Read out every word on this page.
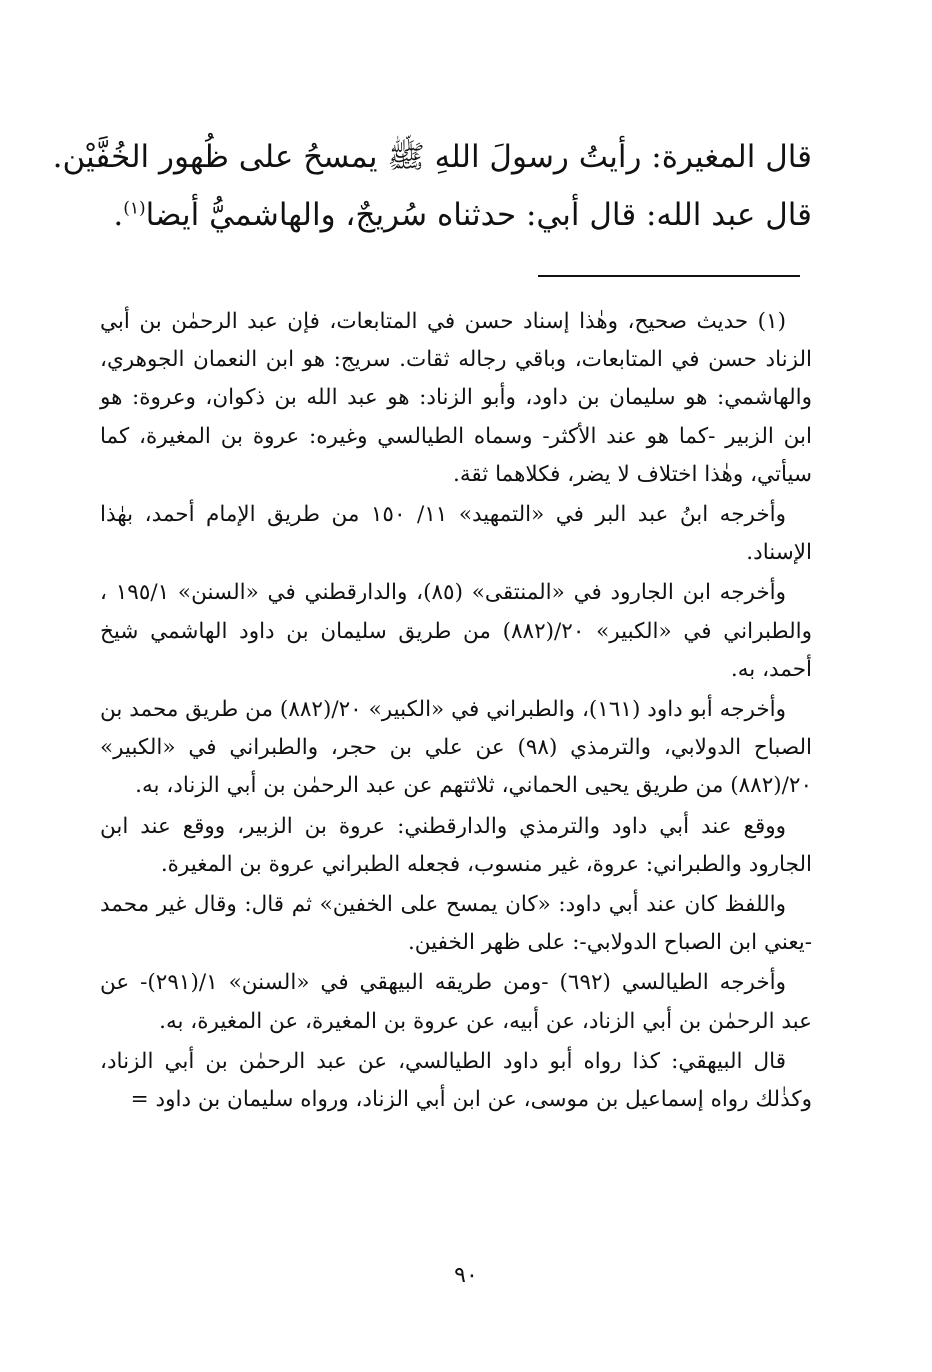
قال المغيرة: رأيتُ رسولَ اللهِ ﷺ يمسحُ على ظُهور الخُفَّيْن.

قال عبد الله: قال أبي: حدثناه سُريجٌ، والهاشميُّ أيضا$^{(١)}$.

(١) حديث صحيح، وهٰذا إسناد حسن في المتابعات، فإن عبد الرحمٰن بن أبي الزناد حسن في المتابعات، وباقي رجاله ثقات. سريج: هو ابن النعمان الجوهري، والهاشمي: هو سليمان بن داود، وأبو الزناد: هو عبد الله بن ذكوان، وعروة: هو ابن الزبير -كما هو عند الأكثر- وسماه الطيالسي وغيره: عروة بن المغيرة، كما سيأتي، وهٰذا اختلاف لا يضر، فكلاهما ثقة.

وأخرجه ابنُ عبد البر في «التمهيد» ١١/ ١٥٠ من طريق الإمام أحمد، بهٰذا الإسناد.

وأخرجه ابن الجارود في «المنتقى» (٨٥)، والدارقطني في «السنن» ١٩٥/١ ، والطبراني في «الكبير» ٢٠/(٨٨٢) من طريق سليمان بن داود الهاشمي شيخ أحمد، به.

وأخرجه أبو داود (١٦١)، والطبراني في «الكبير» ٢٠/(٨٨٢) من طريق محمد بن الصباح الدولابي، والترمذي (٩٨) عن علي بن حجر، والطبراني في «الكبير» ٢٠/(٨٨٢) من طريق يحيى الحماني، ثلاثتهم عن عبد الرحمٰن بن أبي الزناد، به.

ووقع عند أبي داود والترمذي والدارقطني: عروة بن الزبير، ووقع عند ابن الجارود والطبراني: عروة، غير منسوب، فجعله الطبراني عروة بن المغيرة.

واللفظ كان عند أبي داود: «كان يمسح على الخفين» ثم قال: وقال غير محمد -يعني ابن الصباح الدولابي-: على ظهر الخفين.

وأخرجه الطيالسي (٦٩٢) -ومن طريقه البيهقي في «السنن» ١/(٢٩١)- عن عبد الرحمٰن بن أبي الزناد، عن أبيه، عن عروة بن المغيرة، عن المغيرة، به.

قال البيهقي: كذا رواه أبو داود الطيالسي، عن عبد الرحمٰن بن أبي الزناد، وكذٰلك رواه إسماعيل بن موسى، عن ابن أبي الزناد، ورواه سليمان بن داود =

٩٠
